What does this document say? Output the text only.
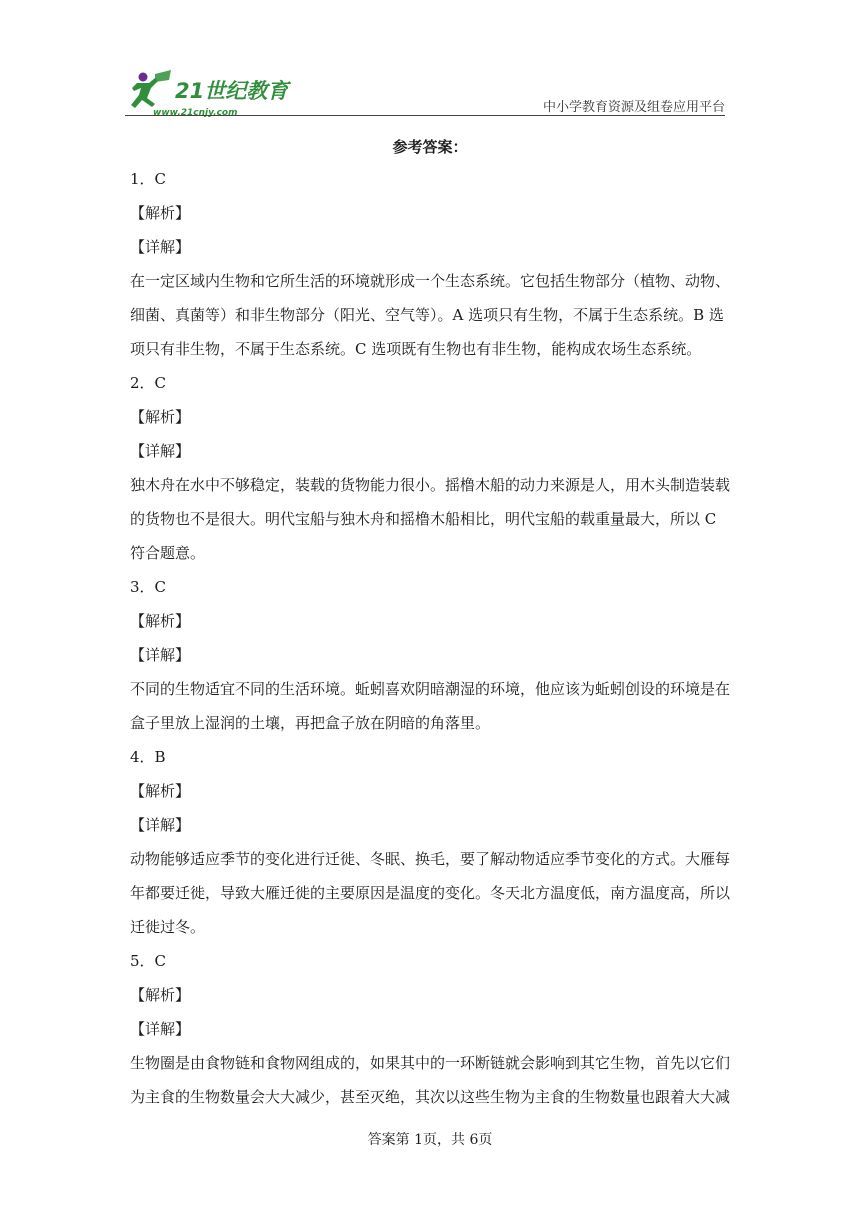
21世纪教育
www.21cnjy.com	中小学教育资源及组卷应用平台
参考答案：

1．C

【解析】

【详解】

在一定区域内生物和它所生活的环境就形成一个生态系统。它包括生物部分（植物、动物、

细菌、真菌等）和非生物部分（阳光、空气等）。A 选项只有生物，不属于生态系统。B 选

项只有非生物，不属于生态系统。C 选项既有生物也有非生物，能构成农场生态系统。

2．C

【解析】

【详解】

独木舟在水中不够稳定，装载的货物能力很小。摇橹木船的动力来源是人，用木头制造装载

的货物也不是很大。明代宝船与独木舟和摇橹木船相比，明代宝船的载重量最大，所以 C

符合题意。

3．C

【解析】

【详解】

不同的生物适宜不同的生活环境。蚯蚓喜欢阴暗潮湿的环境，他应该为蚯蚓创设的环境是在

盒子里放上湿润的土壤，再把盒子放在阴暗的角落里。

4．B

【解析】

【详解】

动物能够适应季节的变化进行迁徙、冬眠、换毛，要了解动物适应季节变化的方式。大雁每

年都要迁徙，导致大雁迁徙的主要原因是温度的变化。冬天北方温度低，南方温度高，所以

迁徙过冬。

5．C

【解析】

【详解】

生物圈是由食物链和食物网组成的，如果其中的一环断链就会影响到其它生物，首先以它们

为主食的生物数量会大大减少，甚至灭绝，其次以这些生物为主食的生物数量也跟着大大减

答案第 1页，共 6页
